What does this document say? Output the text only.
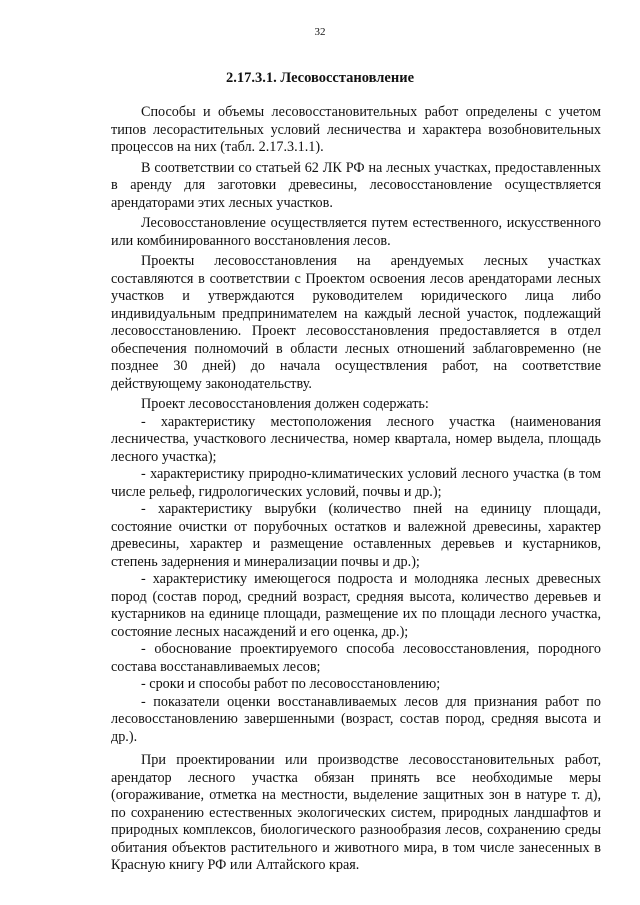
32
2.17.3.1. Лесовосстановление

Способы и объемы лесовосстановительных работ определены с учетом типов лесорастительных условий лесничества и характера возобновительных процессов на них (табл. 2.17.3.1.1).

В соответствии со статьей 62 ЛК РФ на лесных участках, предоставленных в аренду для заготовки древесины, лесовосстановление осуществляется арендаторами этих лесных участков.

Лесовосстановление осуществляется путем естественного, искусственного или комбинированного восстановления лесов.

Проекты лесовосстановления на арендуемых лесных участках составляются в соответствии с Проектом освоения лесов арендаторами лесных участков и утверждаются руководителем юридического лица либо индивидуальным предпринимателем на каждый лесной участок, подлежащий лесовосстановлению. Проект лесовосстановления предоставляется в отдел обеспечения полномочий в области лесных отношений заблаговременно (не позднее 30 дней) до начала осуществления работ, на соответствие действующему законодательству.

Проект лесовосстановления должен содержать:

- характеристику местоположения лесного участка (наименования лесничества, участкового лесничества, номер квартала, номер выдела, площадь лесного участка);

- характеристику природно-климатических условий лесного участка (в том числе рельеф, гидрологических условий, почвы и др.);

- характеристику вырубки (количество пней на единицу площади, состояние очистки от порубочных остатков и валежной древесины, характер древесины, характер и размещение оставленных деревьев и кустарников, степень задернения и минерализации почвы и др.);

- характеристику имеющегося подроста и молодняка лесных древесных пород (состав пород, средний возраст, средняя высота, количество деревьев и кустарников на единице площади, размещение их по площади лесного участка, состояние лесных насаждений и его оценка, др.);

- обоснование проектируемого способа лесовосстановления, породного состава восстанавливаемых лесов;

- сроки и способы работ по лесовосстановлению;

- показатели оценки восстанавливаемых лесов для признания работ по лесовосстановлению завершенными (возраст, состав пород, средняя высота и др.).

При проектировании или производстве лесовосстановительных работ, арендатор лесного участка обязан принять все необходимые меры (огораживание, отметка на местности, выделение защитных зон в натуре т. д), по сохранению естественных экологических систем, природных ландшафтов и природных комплексов, биологического разнообразия лесов, сохранению среды обитания объектов растительного и животного мира, в том числе занесенных в Красную книгу РФ или Алтайского края.
